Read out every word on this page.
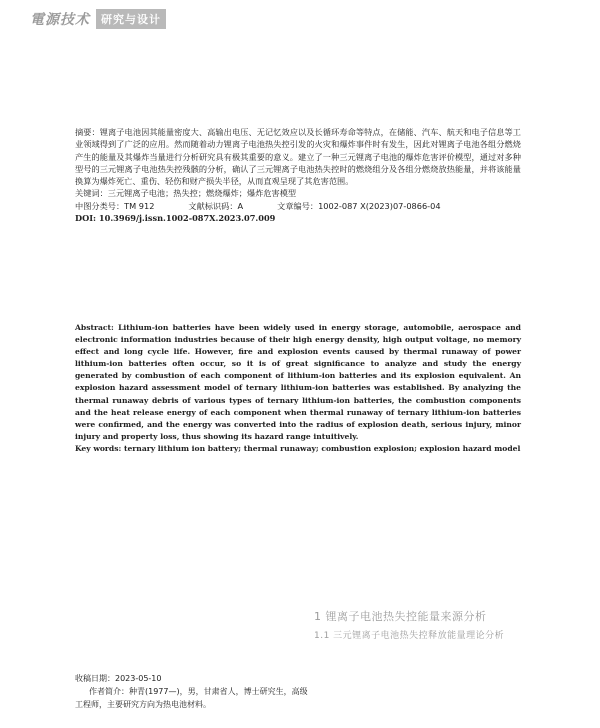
電源技术	研究与设计

摘要：锂离子电池因其能量密度大、高输出电压、无记忆效应以及长循环寿命等特点，在储能、汽车、航天和电子信息等工业领域得到了广泛的应用。然而随着动力锂离子电池热失控引发的火灾和爆炸事件时有发生，因此对锂离子电池各组分燃烧产生的能量及其爆炸当量进行分析研究具有极其重要的意义。建立了一种三元锂离子电池的爆炸危害评价模型，通过对多种型号的三元锂离子电池热失控残骸的分析，确认了三元锂离子电池热失控时的燃烧组分及各组分燃烧放热能量，并将该能量换算为爆炸死亡、重伤、轻伤和财产损失半径，从而直观呈现了其危害范围。

关键词：三元锂离子电池；热失控；燃烧爆炸；爆炸危害模型

中图分类号：TM 912	文献标识码：A	文章编号：1002-087 X(2023)07-0866-04
DOI: 10.3969/j.issn.1002-087X.2023.07.009

Abstract: Lithium-ion batteries have been widely used in energy storage, automobile, aerospace and electronic information industries because of their high energy density, high output voltage, no memory effect and long cycle life. However, fire and explosion events caused by thermal runaway of power lithium-ion batteries often occur, so it is of great significance to analyze and study the energy generated by combustion of each component of lithium-ion batteries and its explosion equivalent. An explosion hazard assessment model of ternary lithium-ion batteries was established. By analyzing the thermal runaway debris of various types of ternary lithium-ion batteries, the combustion components and the heat release energy of each component when thermal runaway of ternary lithium-ion batteries were confirmed, and the energy was converted into the radius of explosion death, serious injury, minor injury and property loss, thus showing its hazard range intuitively.

Key words: ternary lithium ion battery; thermal runaway; combustion explosion; explosion hazard model

1 锂离子电池热失控能量来源分析
1.1 三元锂离子电池热失控释放能量理论分析
收稿日期：2023-05-10
作者简介：种青(1977—)，男，甘肃省人，博士研究生，高级
工程师，主要研究方向为热电池材料。
